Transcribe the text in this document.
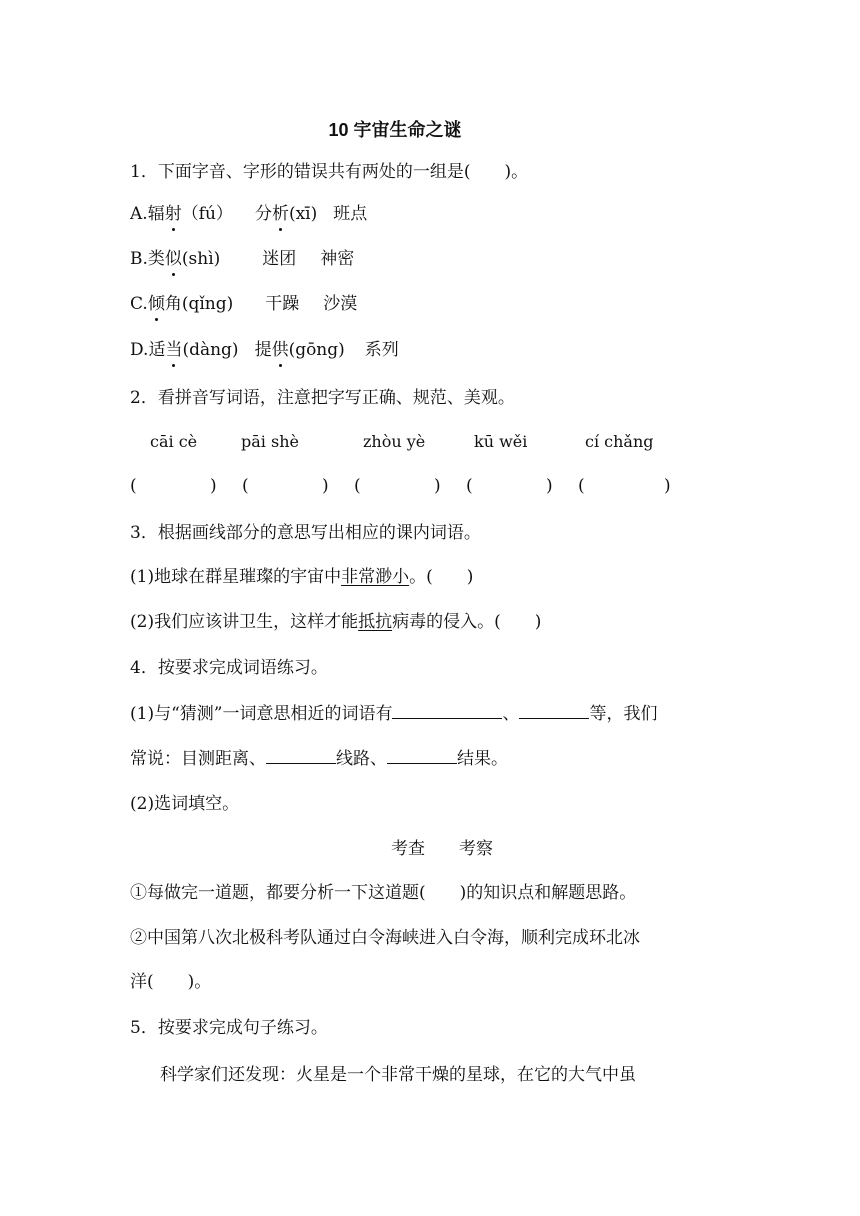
10 宇宙生命之谜
1．下面字音、字形的错误共有两处的一组是(　　)。
A.辐射（fú） 分析(xī) 班点
B.类似(shì) 迷团 神密
C.倾角(qǐng) 干躁 沙漠
D.适当(dàng) 提供(gōng) 系列
2．看拼音写词语，注意把字写正确、规范、美观。
cāi cè	pāi shè	zhòu yè	kū wěi	cí chǎng
(	) (	) (	) (	) (	)
3．根据画线部分的意思写出相应的课内词语。
(1)地球在群星璀璨的宇宙中非常渺小。(　　)
(2)我们应该讲卫生，这样才能抵抗病毒的侵入。(　　)
4．按要求完成词语练习。
(1)与“猜测”一词意思相近的词语有	、	等，我们
常说：目测距离、	线路、	结果。
(2)选词填空。
考查　　考察
①每做完一道题，都要分析一下这道题(　　)的知识点和解题思路。
②中国第八次北极科考队通过白令海峡进入白令海，顺利完成环北冰
洋(　　)。
5．按要求完成句子练习。
科学家们还发现：火星是一个非常干燥的星球，在它的大气中虽
